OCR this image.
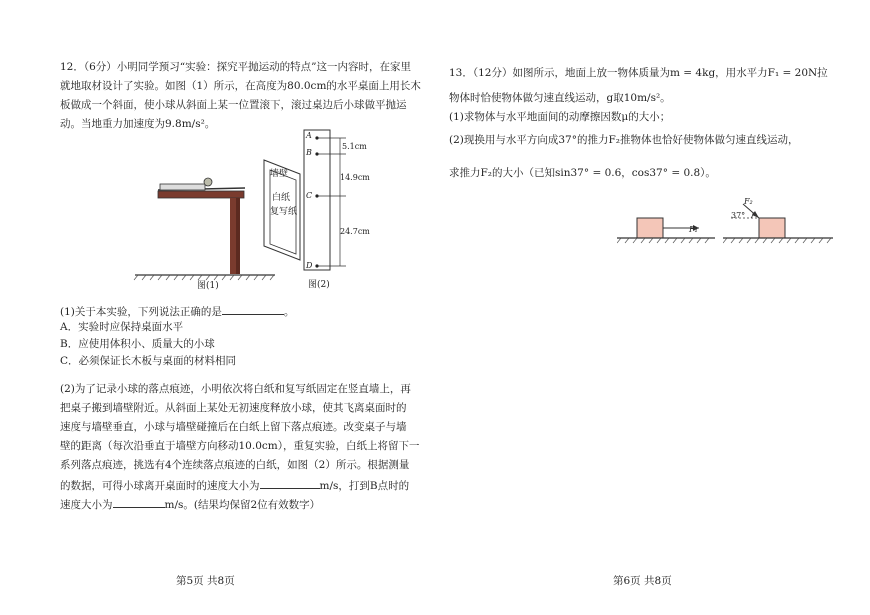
12．（6分）小明同学预习“实验：探究平抛运动的特点”这一内容时，在家里
就地取材设计了实验。如图（1）所示，在高度为80.0cm的水平桌面上用长木
板做成一个斜面，使小球从斜面上某一位置滚下，滚过桌边后小球做平抛运
动。当地重力加速度为9.8m/s²。
图(1)
墙壁
白纸
复写纸
A
B
C
D
5.1cm
14.9cm
24.7cm
图(2)
(1)关于本实验，下列说法正确的是	。
A．实验时应保持桌面水平
B．应使用体积小、质量大的小球
C．必须保证长木板与桌面的材料相同
(2)为了记录小球的落点痕迹，小明依次将白纸和复写纸固定在竖直墙上，再
把桌子搬到墙壁附近。从斜面上某处无初速度释放小球，使其飞离桌面时的
速度与墙壁垂直，小球与墙壁碰撞后在白纸上留下落点痕迹。改变桌子与墙
壁的距离（每次沿垂直于墙壁方向移动10.0cm），重复实验，白纸上将留下一
系列落点痕迹，挑选有4个连续落点痕迹的白纸，如图（2）所示。根据测量
的数据，可得小球离开桌面时的速度大小为	m/s，打到B点时的
速度大小为	m/s。(结果均保留2位有效数字）
第5页 共8页
13．（12分）如图所示，地面上放一物体质量为m = 4kg，用水平力F₁ = 20N拉
物体时恰使物体做匀速直线运动，g取10m/s²。
(1)求物体与水平地面间的动摩擦因数μ的大小；
(2)现换用与水平方向成37°的推力F₂推物体也恰好使物体做匀速直线运动，
求推力F₂的大小（已知sin37° = 0.6，cos37° = 0.8）。
F₁
F₂
37°
第6页 共8页
